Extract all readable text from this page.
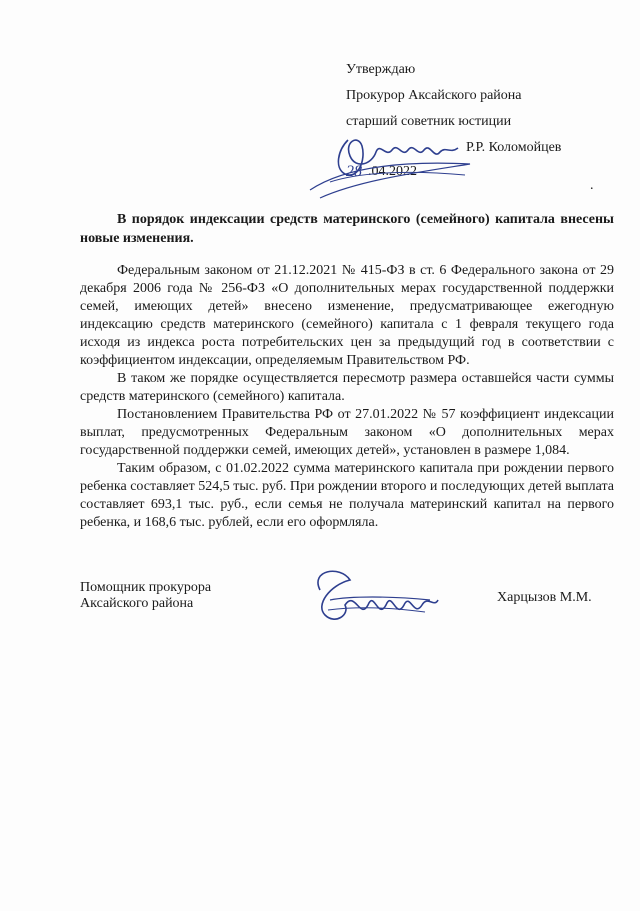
Утверждаю
Прокурор Аксайского района
старший советник юстиции
Р.Р. Коломойцев
28 .04.2022
.
В порядок индексации средств материнского (семейного) капитала внесены новые изменения.

Федеральным законом от 21.12.2021 № 415-ФЗ в ст. 6 Федерального закона от 29 декабря 2006 года № 256-ФЗ «О дополнительных мерах государственной поддержки семей, имеющих детей» внесено изменение, предусматривающее ежегодную индексацию средств материнского (семейного) капитала с 1 февраля текущего года исходя из индекса роста потребительских цен за предыдущий год в соответствии с коэффициентом индексации, определяемым Правительством РФ.

В таком же порядке осуществляется пересмотр размера оставшейся части суммы средств материнского (семейного) капитала.

Постановлением Правительства РФ от 27.01.2022 № 57 коэффициент индексации выплат, предусмотренных Федеральным законом «О дополнительных мерах государственной поддержки семей, имеющих детей», установлен в размере 1,084.

Таким образом, с 01.02.2022 сумма материнского капитала при рождении первого ребенка составляет 524,5 тыс. руб. При рождении второго и последующих детей выплата составляет 693,1 тыс. руб., если семья не получала материнский капитал на первого ребенка, и 168,6 тыс. рублей, если его оформляла.

Помощник прокурора
Аксайского района	Харцызов М.М.
